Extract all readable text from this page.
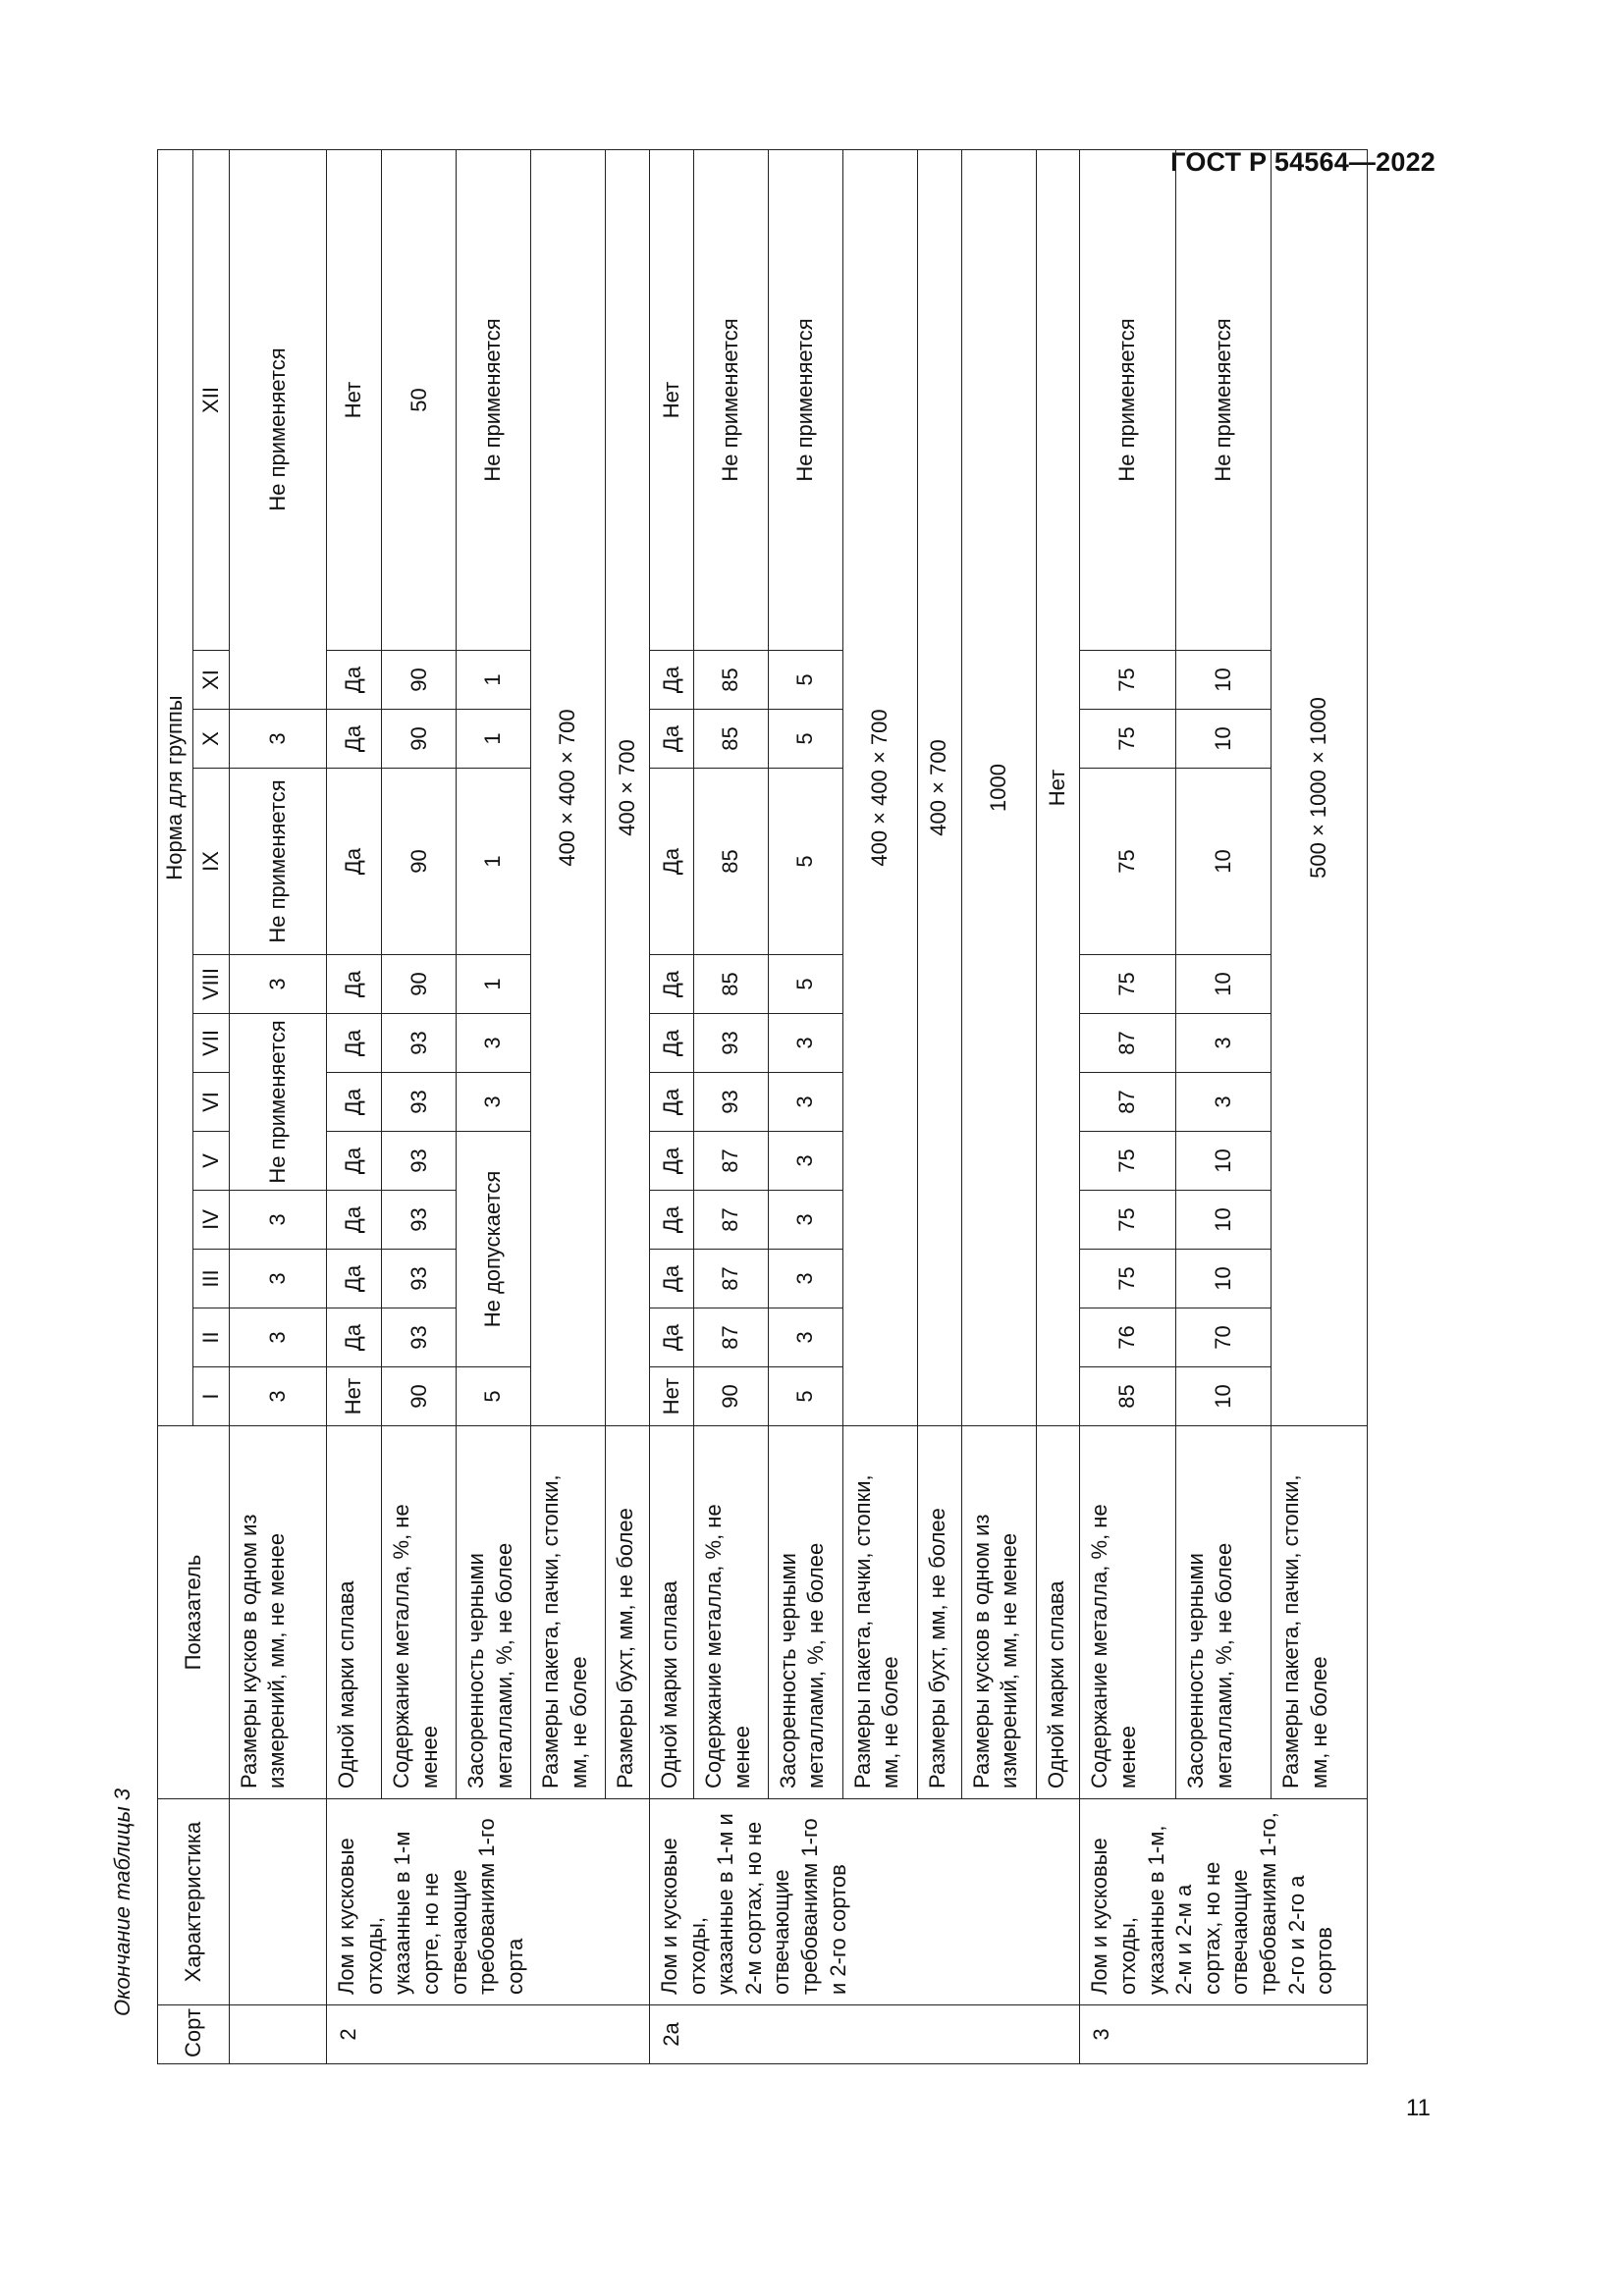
ГОСТ Р 54564—2022
Окончание таблицы 3
11
Сорт	Характеристика	Показатель	Норма для группы											
			I	II	III	IV	V	VI	VII	VIII	IX	X	XI	XII
		Размеры кусков в одном из измерений, мм, не менее	3	3	3	3	Не применяется			3	Не применяется	3	Не применяется	
2	Лом и кусковые отходы, указанные в 1-м сорте, но не отвечающие требованиям 1-го сорта	Одной марки сплава	Нет	Да	Да	Да	Да	Да	Да	Да	Да	Да	Да	Нет
		Содержание металла, %, не менее	90	93	93	93	93	93	93	90	90	90	90	50
		Засоренность черными металлами, %, не более	5	Не допускается				3	3	1	1	1	1	Не применяется
		Размеры пакета, пачки, стопки, мм, не более	400 × 400 × 700											
		Размеры бухт, мм, не более	400 × 700											
2а	Лом и кусковые отходы, указанные в 1-м и 2-м сортах, но не отвечающие требованиям 1-го и 2-го сортов	Одной марки сплава	Нет	Да	Да	Да	Да	Да	Да	Да	Да	Да	Да	Нет
		Содержание металла, %, не менее	90	87	87	87	87	93	93	85	85	85	85	Не применяется
		Засоренность черными металлами, %, не более	5	3	3	3	3	3	3	5	5	5	5	Не применяется
		Размеры пакета, пачки, стопки, мм, не более	400 × 400 × 700											
		Размеры бухт, мм, не более	400 × 700											
		Размеры кусков в одном из измерений, мм, не менее	1000											
		Одной марки сплава	Нет											
3	Лом и кусковые отходы, указанные в 1-м, 2-м и 2-м а сортах, но не отвечающие требованиям 1-го, 2-го и 2-го а сортов	Содержание металла, %, не менее	85	76	75	75	75	87	87	75	75	75	75	Не применяется
		Засоренность черными металлами, %, не более	10	70	10	10	10	3	3	10	10	10	10	Не применяется
		Размеры пакета, пачки, стопки, мм, не более	500 × 1000 × 1000											
